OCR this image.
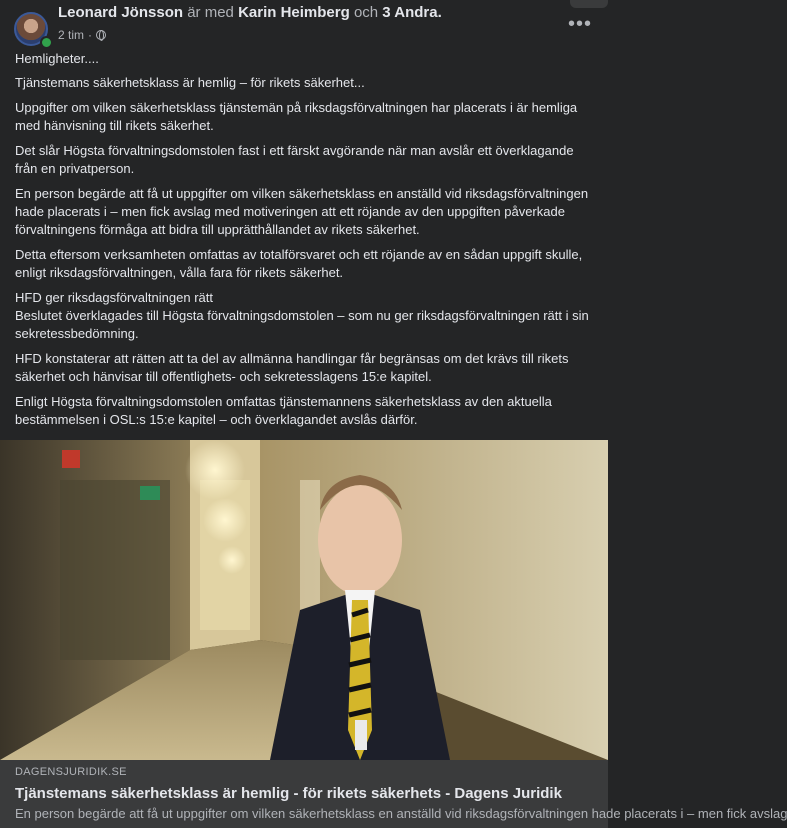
Leonard Jönsson är med Karin Heimberg och 3 Andra.
2 tim ·	•••

Hemligheter....

Tjänstemans säkerhetsklass är hemlig – för rikets säkerhet...

Uppgifter om vilken säkerhetsklass tjänstemän på riksdagsförvaltningen har placerats i är hemliga med hänvisning till rikets säkerhet.

Det slår Högsta förvaltningsdomstolen fast i ett färskt avgörande när man avslår ett överklagande från en privatperson.

En person begärde att få ut uppgifter om vilken säkerhetsklass en anställd vid riksdagsförvaltningen hade placerats i – men fick avslag med motiveringen att ett röjande av den uppgiften påverkade förvaltningens förmåga att bidra till upprätthållandet av rikets säkerhet.

Detta eftersom verksamheten omfattas av totalförsvaret och ett röjande av en sådan uppgift skulle, enligt riksdagsförvaltningen, vålla fara för rikets säkerhet.

HFD ger riksdagsförvaltningen rätt
Beslutet överklagades till Högsta förvaltningsdomstolen – som nu ger riksdagsförvaltningen rätt i sin sekretessbedömning.

HFD konstaterar att rätten att ta del av allmänna handlingar får begränsas om det krävs till rikets säkerhet och hänvisar till offentlighets- och sekretesslagens 15:e kapitel.

Enligt Högsta förvaltningsdomstolen omfattas tjänstemannens säkerhetsklass av den aktuella bestämmelsen i OSL:s 15:e kapitel – och överklagandet avslås därför.

DAGENSJURIDIK.SE
Tjänstemans säkerhetsklass är hemlig - för rikets säkerhets - Dagens Juridik
En person begärde att få ut uppgifter om vilken säkerhetsklass en anställd vid riksdagsförvaltningen hade placerats i – men fick avslag
